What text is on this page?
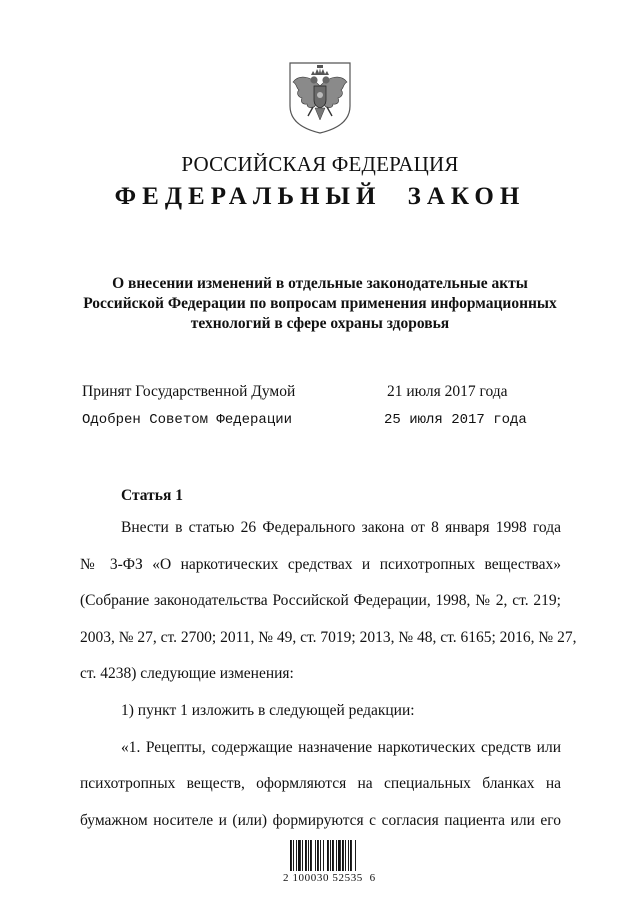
РОССИЙСКАЯ ФЕДЕРАЦИЯ
ФЕДЕРАЛЬНЫЙ ЗАКОН
О внесении изменений в отдельные законодательные акты
Российской Федерации по вопросам применения информационных
технологий в сфере охраны здоровья
Принят Государственной Думой	21 июля 2017 года
Одобрен Советом Федерации	25 июля 2017 года
Статья 1
Внести в статью 26 Федерального закона от 8 января 1998 года
№ 3-ФЗ «О наркотических средствах и психотропных веществах»
(Собрание законодательства Российской Федерации, 1998, № 2, ст. 219;
2003, № 27, ст. 2700; 2011, № 49, ст. 7019; 2013, № 48, ст. 6165; 2016, № 27,
ст. 4238) следующие изменения:
1) пункт 1 изложить в следующей редакции:
«1. Рецепты, содержащие назначение наркотических средств или
психотропных веществ, оформляются на специальных бланках на
бумажном носителе и (или) формируются с согласия пациента или его
2 100030 52535  6
